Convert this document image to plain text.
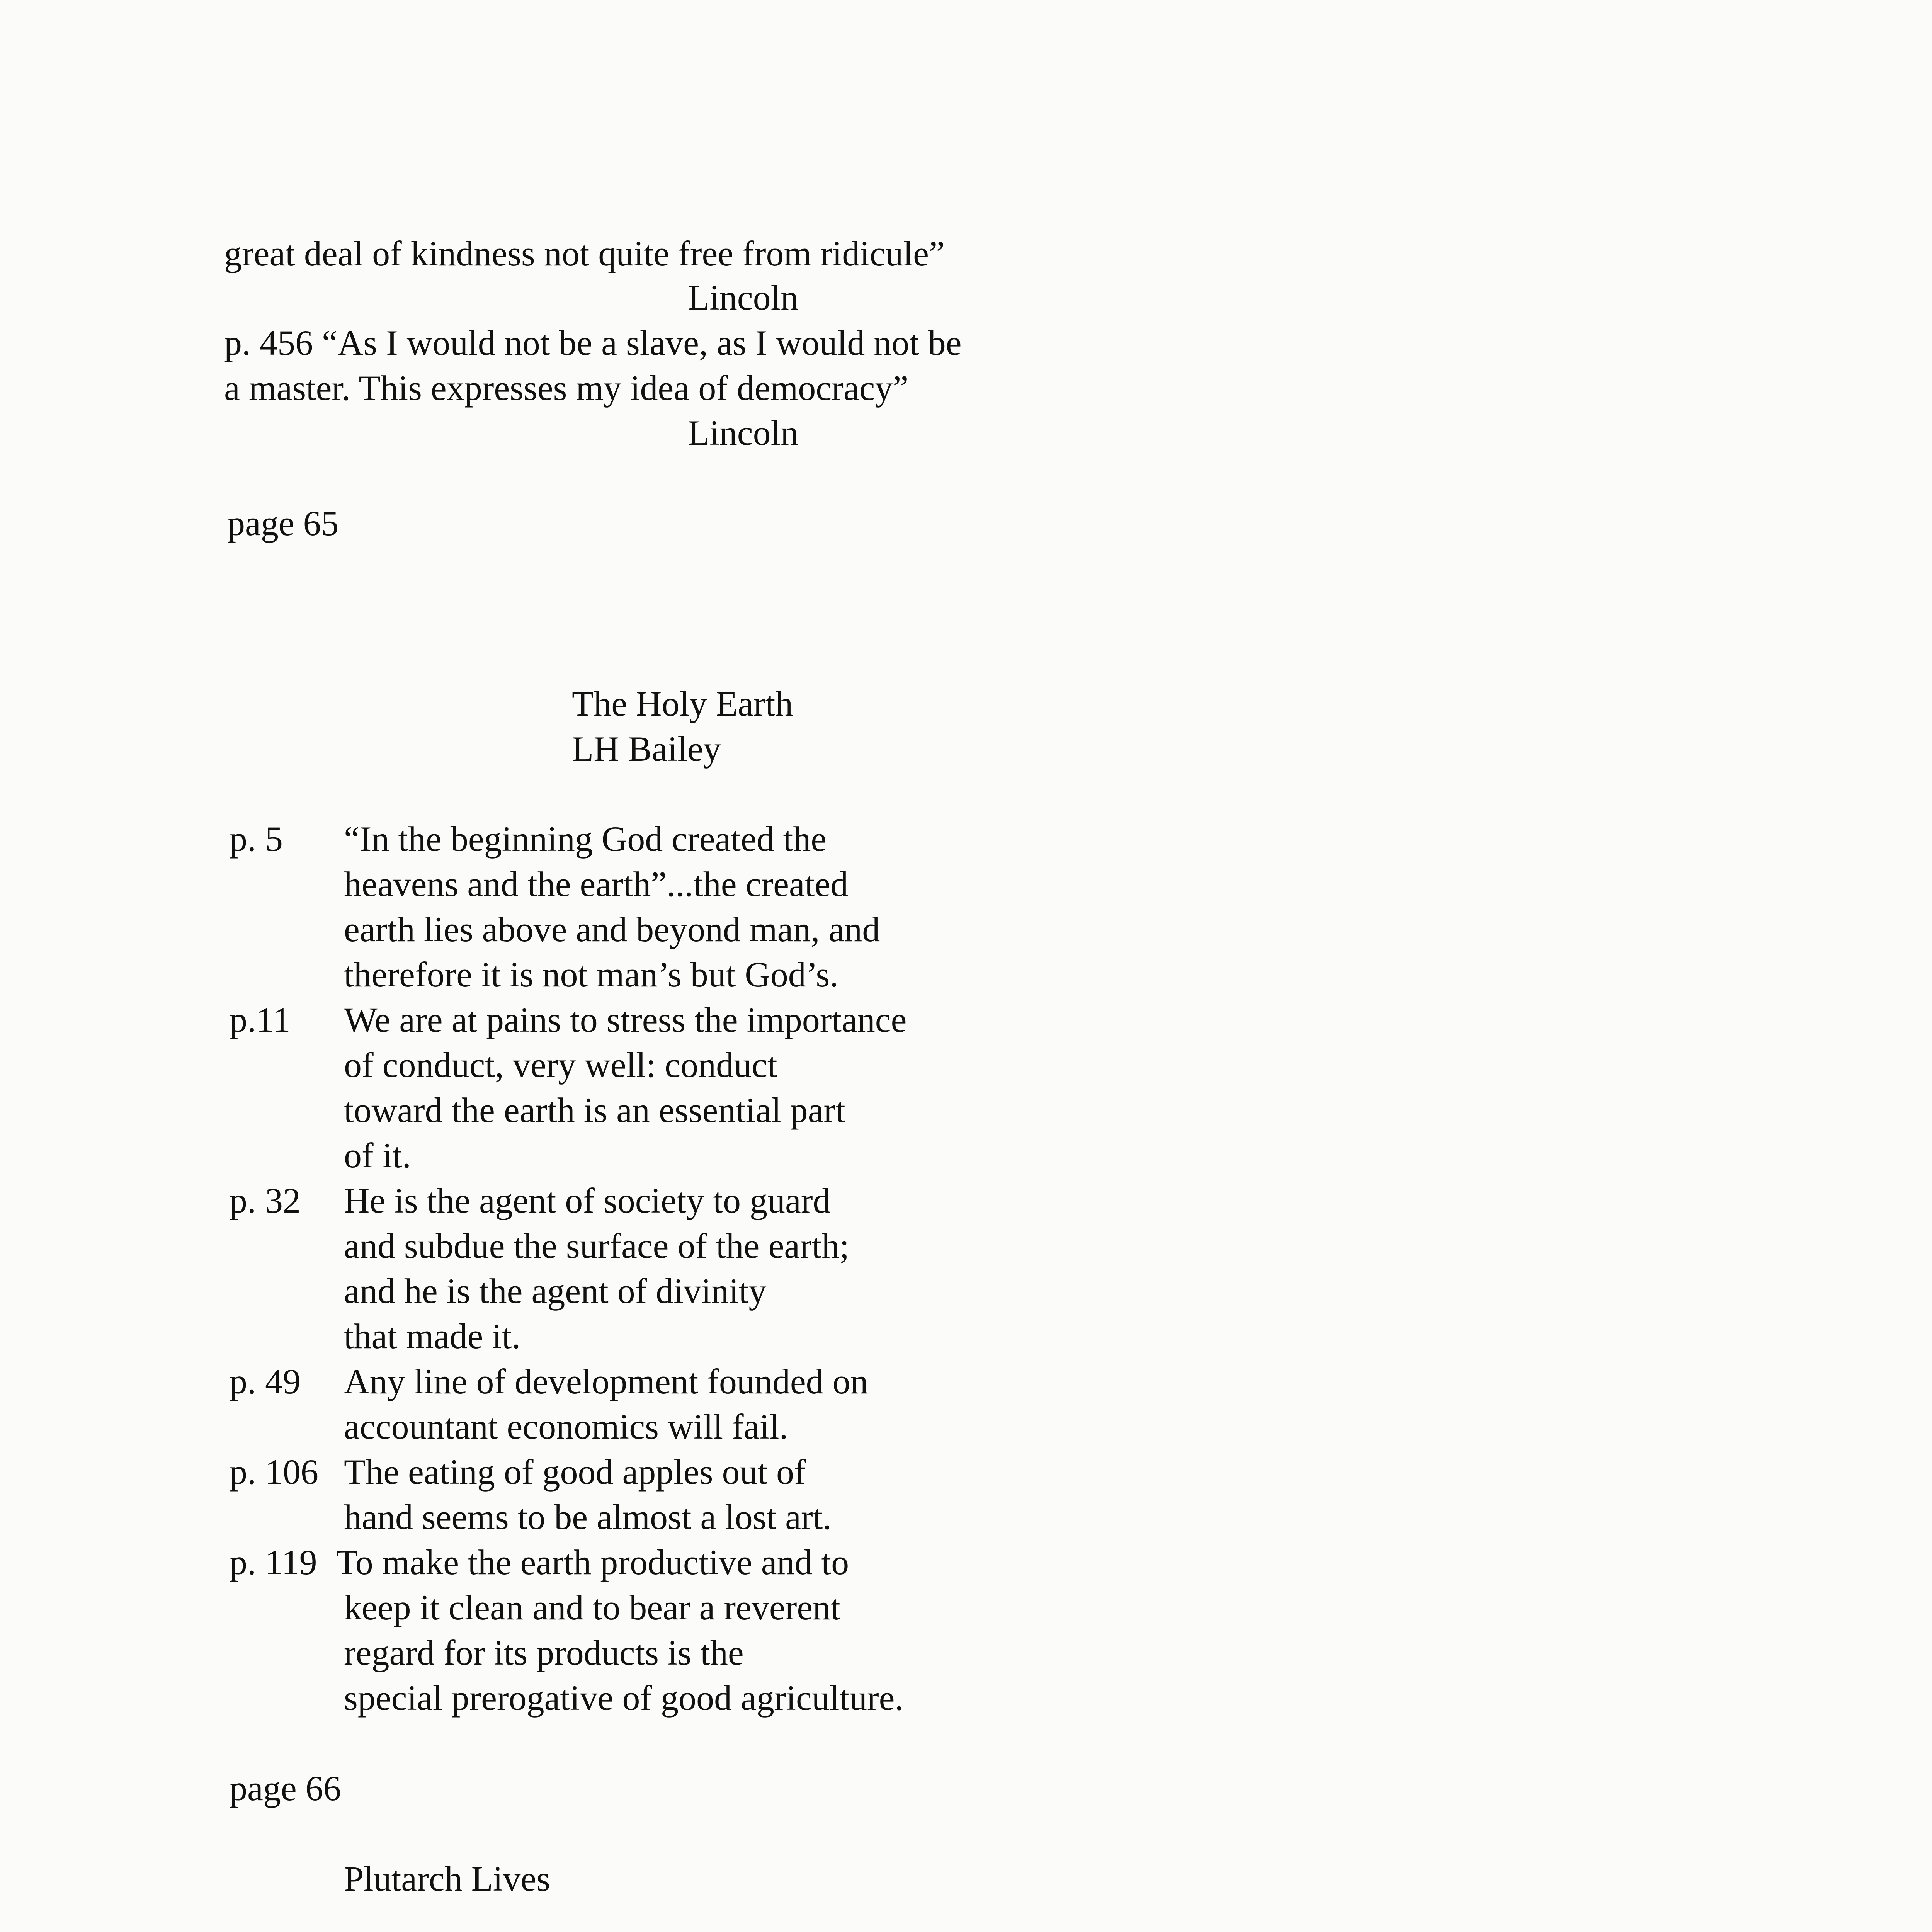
great deal of kindness not quite free from ridicule”
Lincoln
p. 456 “As I would not be a slave, as I would not be
a master. This expresses my idea of democracy”
Lincoln
page 65
The Holy Earth
LH Bailey
p. 5 “In the beginning God created the
heavens and the earth”...the created
earth lies above and beyond man, and
therefore it is not man’s but God’s.
p.11 We are at pains to stress the importance
of conduct, very well: conduct
toward the earth is an essential part
of it.
p. 32 He is the agent of society to guard
and subdue the surface of the earth;
and he is the agent of divinity
that made it.
p. 49 Any line of development founded on
accountant economics will fail.
p. 106 The eating of good apples out of
hand seems to be almost a lost art.
p. 119 To make the earth productive and to
keep it clean and to bear a reverent
regard for its products is the
special prerogative of good agriculture.
page 66
Plutarch Lives
